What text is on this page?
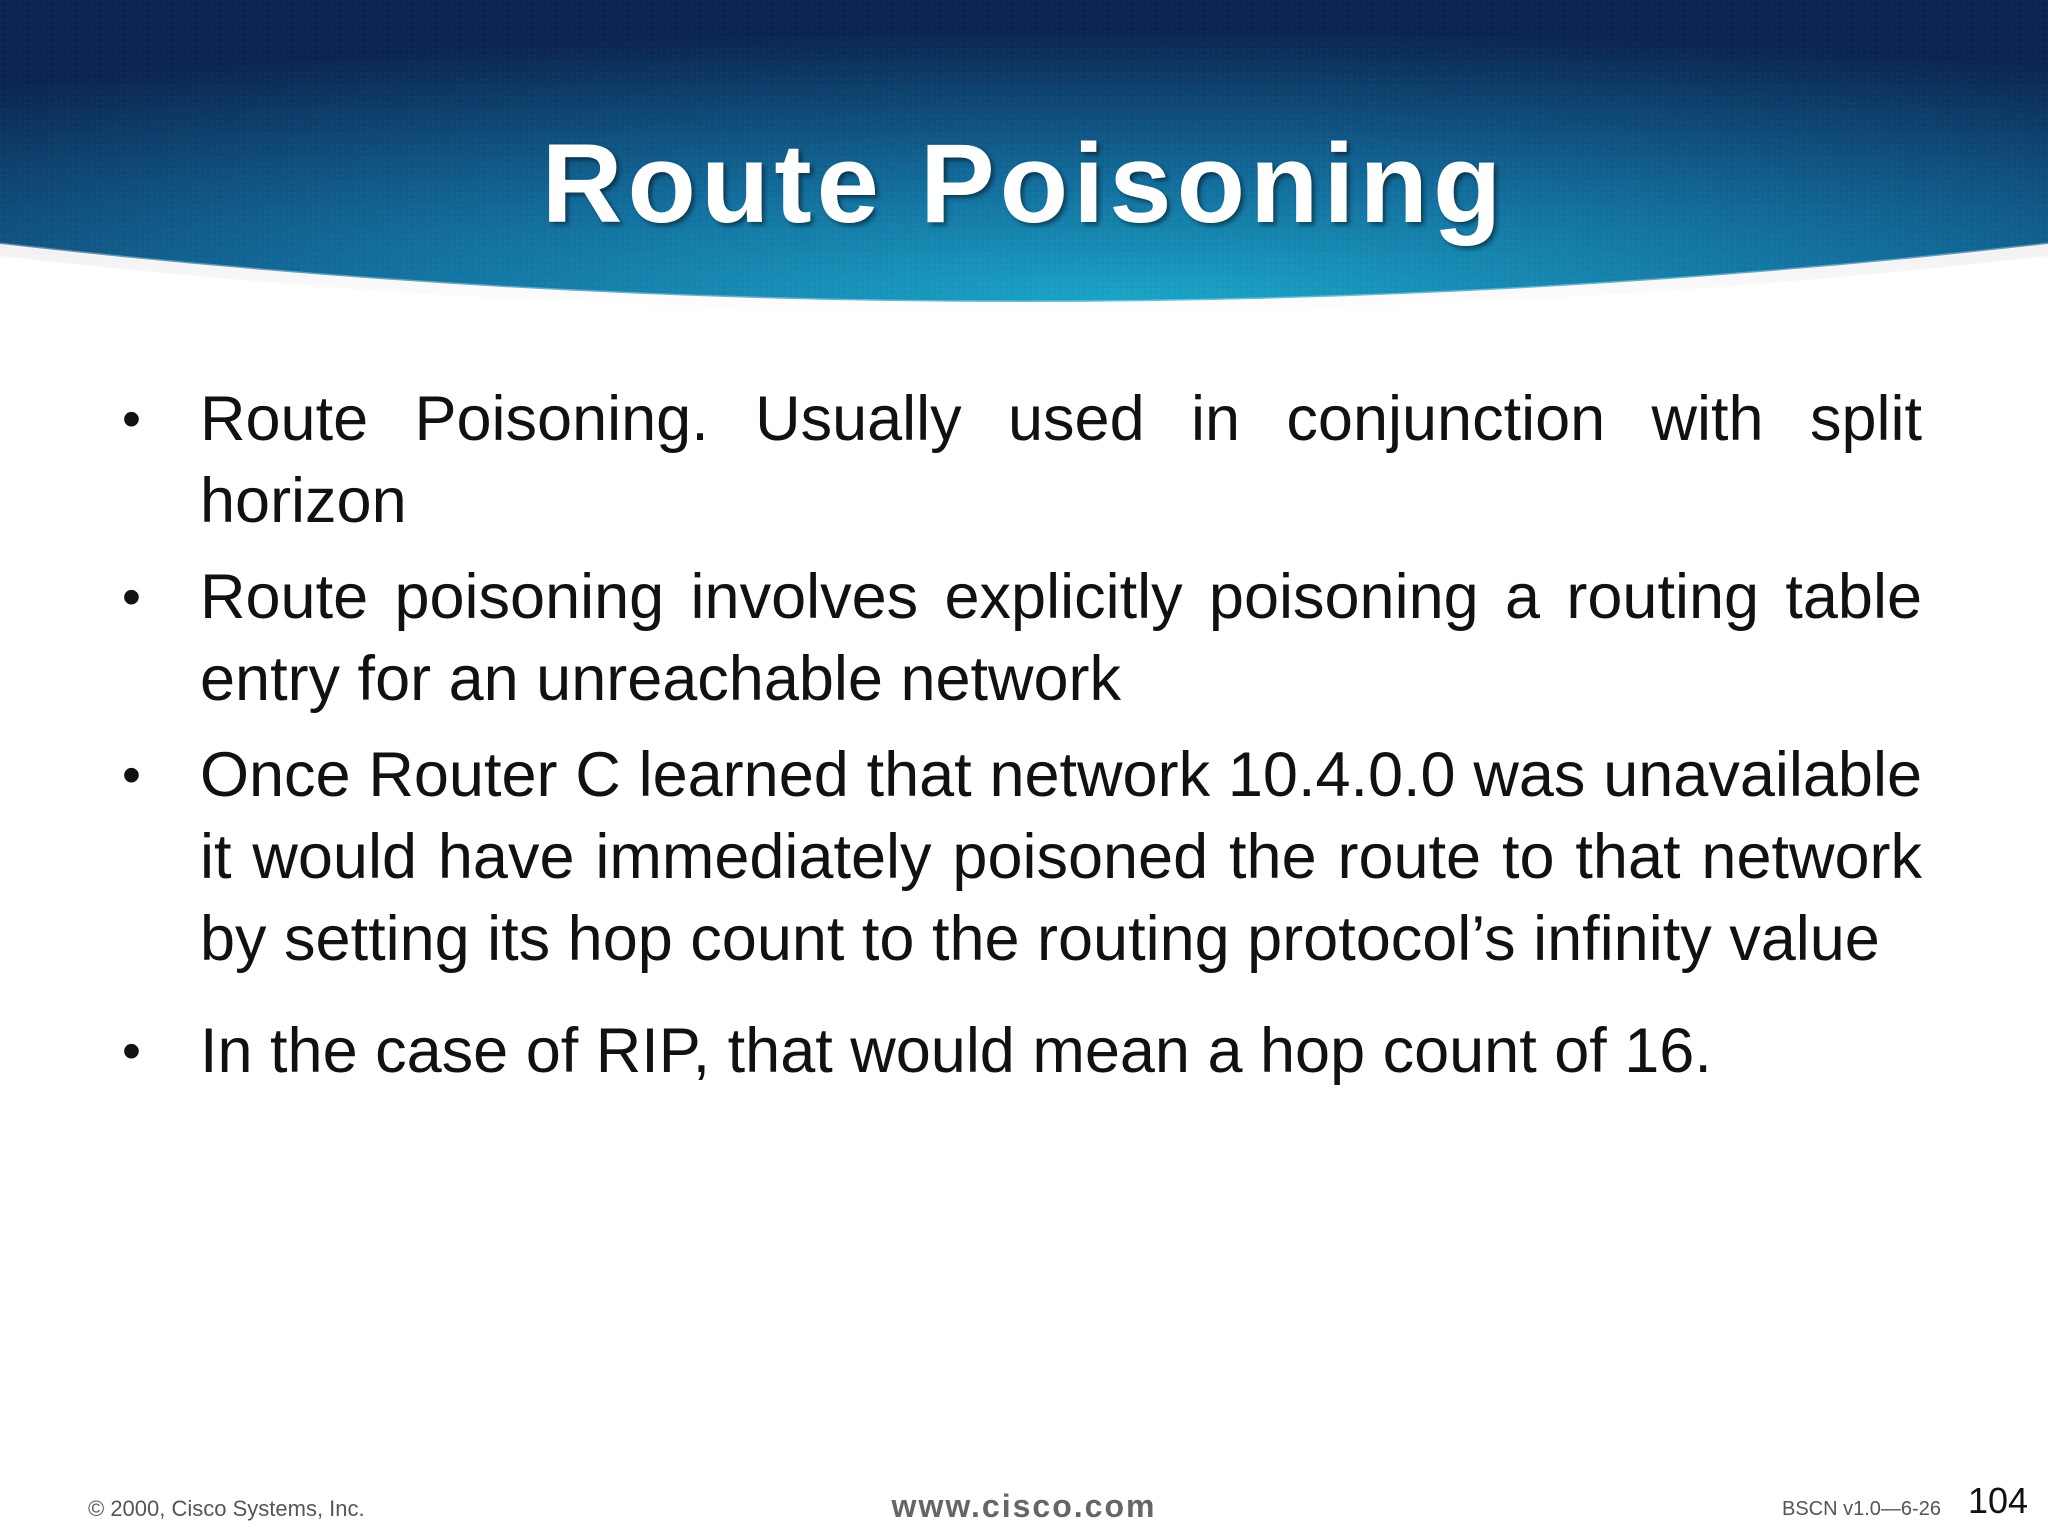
Route Poisoning
• Route Poisoning. Usually used in conjunction with split horizon
• Route poisoning involves explicitly poisoning a routing table entry for an unreachable network
• Once Router C learned that network 10.4.0.0 was unavailable it would have immediately poisoned the route to that network by setting its hop count to the routing protocol’s infinity value
• In the case of RIP, that would mean a hop count of 16.
© 2000, Cisco Systems, Inc.	www.cisco.com	BSCN v1.0—6-26 104
